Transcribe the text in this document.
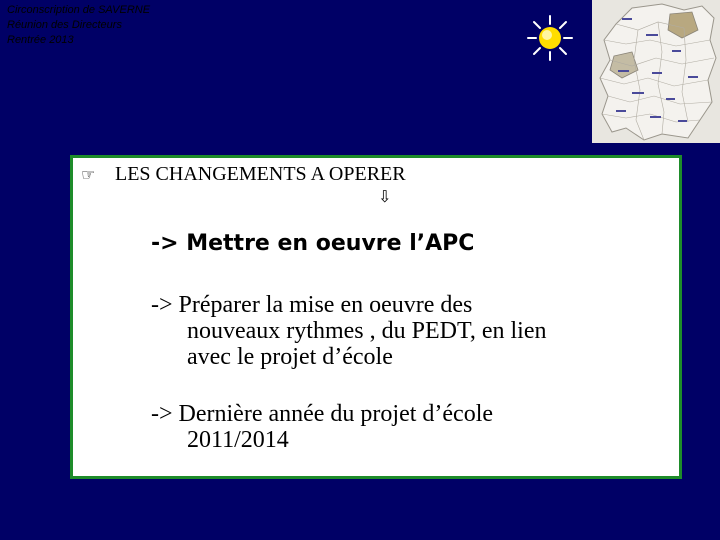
Circonscription de SAVERNE
Réunion des Directeurs
Rentrée 2013
☞ LES CHANGEMENTS A OPERER
⇩
-> Mettre en oeuvre l’APC
-> Préparer la mise en oeuvre des
nouveaux rythmes , du PEDT, en lien
avec le projet d’école
-> Dernière année du projet d’école
2011/2014
